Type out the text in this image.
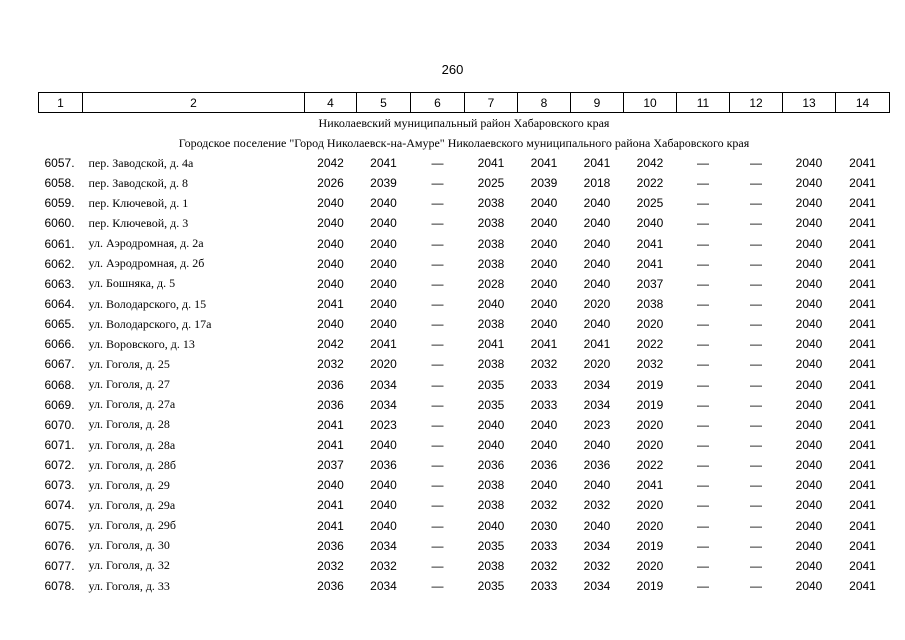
260
1	2	4	5	6	7	8	9	10	11	12	13	14
Николаевский муниципальный район Хабаровского края												
Городское поселение "Город Николаевск-на-Амуре" Николаевского муниципального района Хабаровского края												
6057.	пер. Заводской, д. 4а	2042	2041	—	2041	2041	2041	2042	—	—	2040	2041
6058.	пер. Заводской, д. 8	2026	2039	—	2025	2039	2018	2022	—	—	2040	2041
6059.	пер. Ключевой, д. 1	2040	2040	—	2038	2040	2040	2025	—	—	2040	2041
6060.	пер. Ключевой, д. 3	2040	2040	—	2038	2040	2040	2040	—	—	2040	2041
6061.	ул. Аэродромная, д. 2а	2040	2040	—	2038	2040	2040	2041	—	—	2040	2041
6062.	ул. Аэродромная, д. 2б	2040	2040	—	2038	2040	2040	2041	—	—	2040	2041
6063.	ул. Бошняка, д. 5	2040	2040	—	2028	2040	2040	2037	—	—	2040	2041
6064.	ул. Володарского, д. 15	2041	2040	—	2040	2040	2020	2038	—	—	2040	2041
6065.	ул. Володарского, д. 17а	2040	2040	—	2038	2040	2040	2020	—	—	2040	2041
6066.	ул. Воровского, д. 13	2042	2041	—	2041	2041	2041	2022	—	—	2040	2041
6067.	ул. Гоголя, д. 25	2032	2020	—	2038	2032	2020	2032	—	—	2040	2041
6068.	ул. Гоголя, д. 27	2036	2034	—	2035	2033	2034	2019	—	—	2040	2041
6069.	ул. Гоголя, д. 27а	2036	2034	—	2035	2033	2034	2019	—	—	2040	2041
6070.	ул. Гоголя, д. 28	2041	2023	—	2040	2040	2023	2020	—	—	2040	2041
6071.	ул. Гоголя, д. 28а	2041	2040	—	2040	2040	2040	2020	—	—	2040	2041
6072.	ул. Гоголя, д. 28б	2037	2036	—	2036	2036	2036	2022	—	—	2040	2041
6073.	ул. Гоголя, д. 29	2040	2040	—	2038	2040	2040	2041	—	—	2040	2041
6074.	ул. Гоголя, д. 29а	2041	2040	—	2038	2032	2032	2020	—	—	2040	2041
6075.	ул. Гоголя, д. 29б	2041	2040	—	2040	2030	2040	2020	—	—	2040	2041
6076.	ул. Гоголя, д. 30	2036	2034	—	2035	2033	2034	2019	—	—	2040	2041
6077.	ул. Гоголя, д. 32	2032	2032	—	2038	2032	2032	2020	—	—	2040	2041
6078.	ул. Гоголя, д. 33	2036	2034	—	2035	2033	2034	2019	—	—	2040	2041
